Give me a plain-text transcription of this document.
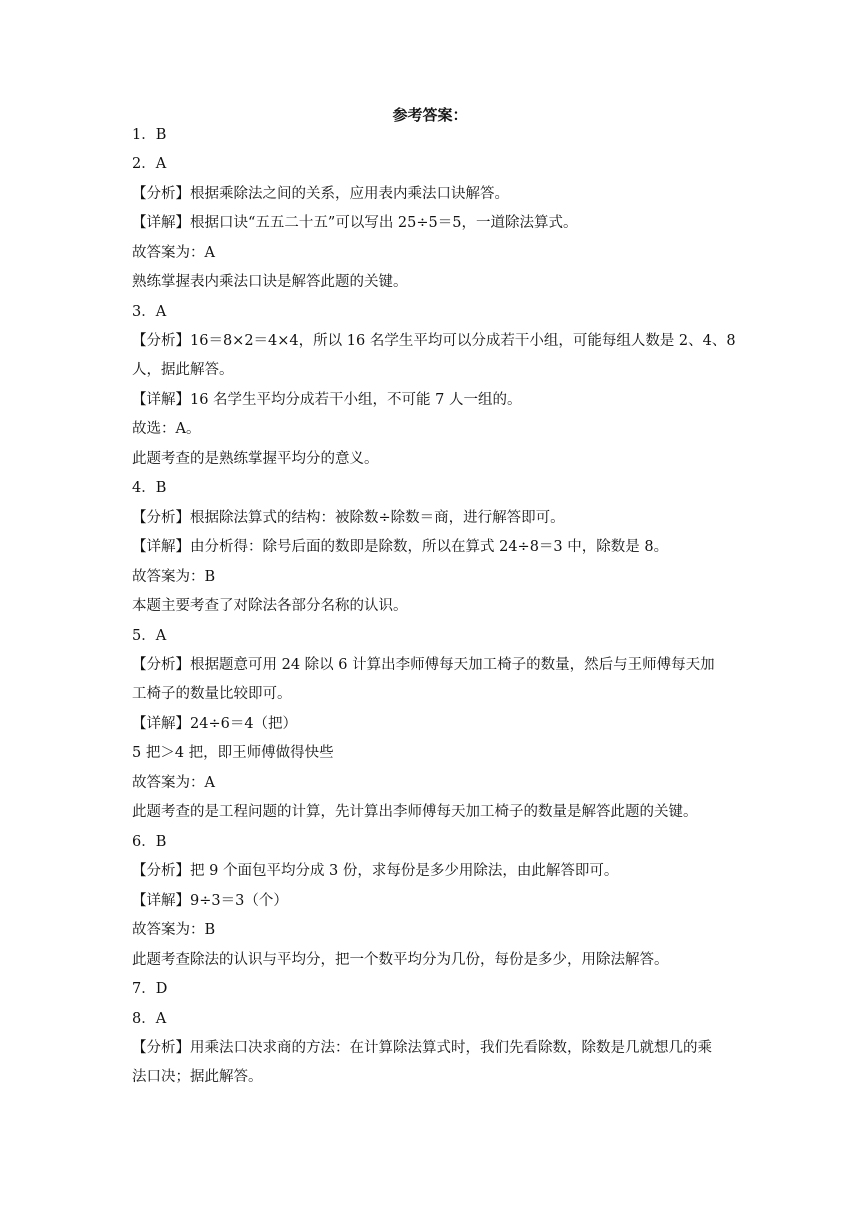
参考答案：
1．B
2．A
【分析】根据乘除法之间的关系，应用表内乘法口诀解答。
【详解】根据口诀“五五二十五”可以写出 25÷5＝5，一道除法算式。
故答案为：A
熟练掌握表内乘法口诀是解答此题的关键。
3．A
【分析】16＝8×2＝4×4，所以 16 名学生平均可以分成若干小组，可能每组人数是 2、4、8
人，据此解答。
【详解】16 名学生平均分成若干小组，不可能 7 人一组的。
故选：A。
此题考查的是熟练掌握平均分的意义。
4．B
【分析】根据除法算式的结构：被除数÷除数＝商，进行解答即可。
【详解】由分析得：除号后面的数即是除数，所以在算式 24÷8＝3 中，除数是 8。
故答案为：B
本题主要考查了对除法各部分名称的认识。
5．A
【分析】根据题意可用 24 除以 6 计算出李师傅每天加工椅子的数量，然后与王师傅每天加
工椅子的数量比较即可。
【详解】24÷6＝4（把）
5 把＞4 把，即王师傅做得快些
故答案为：A
此题考查的是工程问题的计算，先计算出李师傅每天加工椅子的数量是解答此题的关键。
6．B
【分析】把 9 个面包平均分成 3 份，求每份是多少用除法，由此解答即可。
【详解】9÷3＝3（个）
故答案为：B
此题考查除法的认识与平均分，把一个数平均分为几份，每份是多少，用除法解答。
7．D
8．A
【分析】用乘法口决求商的方法：在计算除法算式时，我们先看除数，除数是几就想几的乘
法口决；据此解答。
